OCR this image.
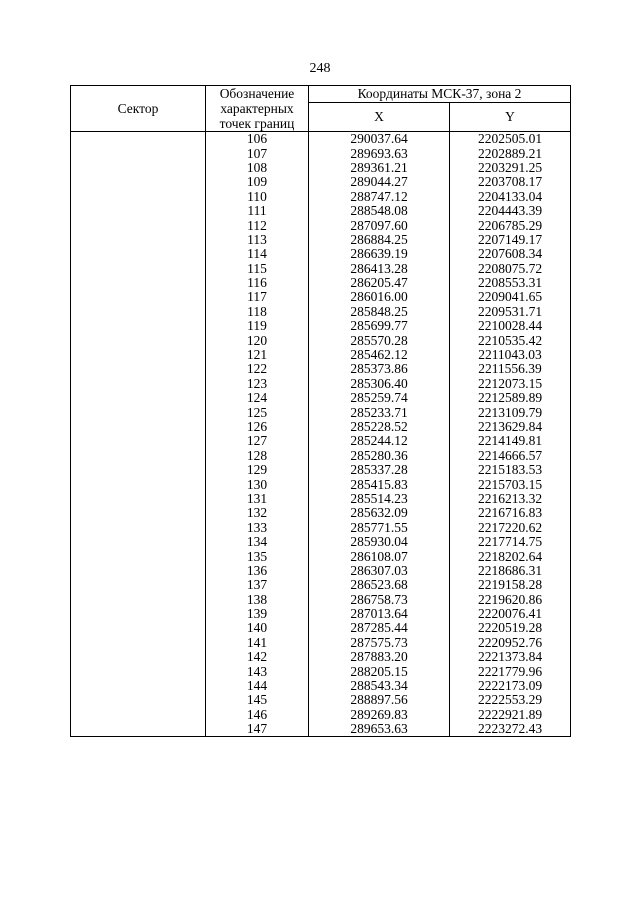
248
Сектор	Обозначение характерных точек границ	Координаты МСК-37, зона 2	
		X	Y
	106	290037.64	2202505.01
	107	289693.63	2202889.21
	108	289361.21	2203291.25
	109	289044.27	2203708.17
	110	288747.12	2204133.04
	111	288548.08	2204443.39
	112	287097.60	2206785.29
	113	286884.25	2207149.17
	114	286639.19	2207608.34
	115	286413.28	2208075.72
	116	286205.47	2208553.31
	117	286016.00	2209041.65
	118	285848.25	2209531.71
	119	285699.77	2210028.44
	120	285570.28	2210535.42
	121	285462.12	2211043.03
	122	285373.86	2211556.39
	123	285306.40	2212073.15
	124	285259.74	2212589.89
	125	285233.71	2213109.79
	126	285228.52	2213629.84
	127	285244.12	2214149.81
	128	285280.36	2214666.57
	129	285337.28	2215183.53
	130	285415.83	2215703.15
	131	285514.23	2216213.32
	132	285632.09	2216716.83
	133	285771.55	2217220.62
	134	285930.04	2217714.75
	135	286108.07	2218202.64
	136	286307.03	2218686.31
	137	286523.68	2219158.28
	138	286758.73	2219620.86
	139	287013.64	2220076.41
	140	287285.44	2220519.28
	141	287575.73	2220952.76
	142	287883.20	2221373.84
	143	288205.15	2221779.96
	144	288543.34	2222173.09
	145	288897.56	2222553.29
	146	289269.83	2222921.89
	147	289653.63	2223272.43
